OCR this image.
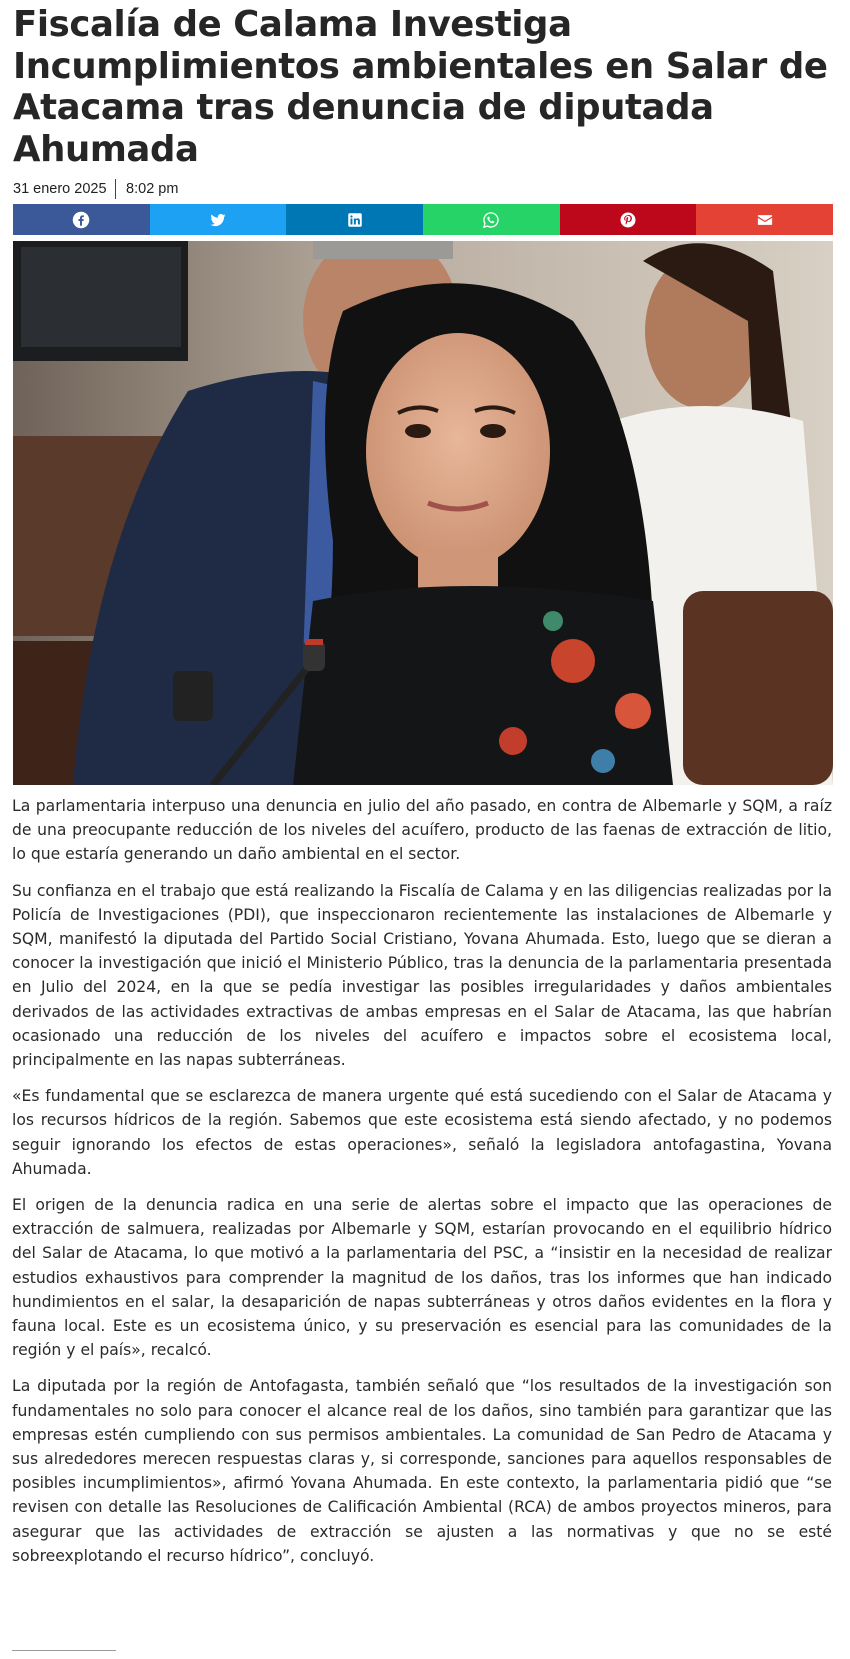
Fiscalía de Calama Investiga Incumplimientos ambientales en Salar de Atacama tras denuncia de diputada Ahumada
31 enero 2025 8:02 pm

La parlamentaria interpuso una denuncia en julio del año pasado, en contra de Albemarle y SQM, a raíz de una preocupante reducción de los niveles del acuífero, producto de las faenas de extracción de litio, lo que estaría generando un daño ambiental en el sector.

Su confianza en el trabajo que está realizando la Fiscalía de Calama y en las diligencias realizadas por la Policía de Investigaciones (PDI), que inspeccionaron recientemente las instalaciones de Albemarle y SQM, manifestó la diputada del Partido Social Cristiano, Yovana Ahumada. Esto, luego que se dieran a conocer la investigación que inició el Ministerio Público, tras la denuncia de la parlamentaria presentada en Julio del 2024, en la que se pedía investigar las posibles irregularidades y daños ambientales derivados de las actividades extractivas de ambas empresas en el Salar de Atacama, las que habrían ocasionado una reducción de los niveles del acuífero e impactos sobre el ecosistema local, principalmente en las napas subterráneas.

«Es fundamental que se esclarezca de manera urgente qué está sucediendo con el Salar de Atacama y los recursos hídricos de la región. Sabemos que este ecosistema está siendo afectado, y no podemos seguir ignorando los efectos de estas operaciones», señaló la legisladora antofagastina, Yovana Ahumada.

El origen de la denuncia radica en una serie de alertas sobre el impacto que las operaciones de extracción de salmuera, realizadas por Albemarle y SQM, estarían provocando en el equilibrio hídrico del Salar de Atacama, lo que motivó a la parlamentaria del PSC, a “insistir en la necesidad de realizar estudios exhaustivos para comprender la magnitud de los daños, tras los informes que han indicado hundimientos en el salar, la desaparición de napas subterráneas y otros daños evidentes en la flora y fauna local. Este es un ecosistema único, y su preservación es esencial para las comunidades de la región y el país», recalcó.

La diputada por la región de Antofagasta, también señaló que “los resultados de la investigación son fundamentales no solo para conocer el alcance real de los daños, sino también para garantizar que las empresas estén cumpliendo con sus permisos ambientales. La comunidad de San Pedro de Atacama y sus alrededores merecen respuestas claras y, si corresponde, sanciones para aquellos responsables de posibles incumplimientos», afirmó Yovana Ahumada. En este contexto, la parlamentaria pidió que “se revisen con detalle las Resoluciones de Calificación Ambiental (RCA) de ambos proyectos mineros, para asegurar que las actividades de extracción se ajusten a las normativas y que no se esté sobreexplotando el recurso hídrico”, concluyó.
